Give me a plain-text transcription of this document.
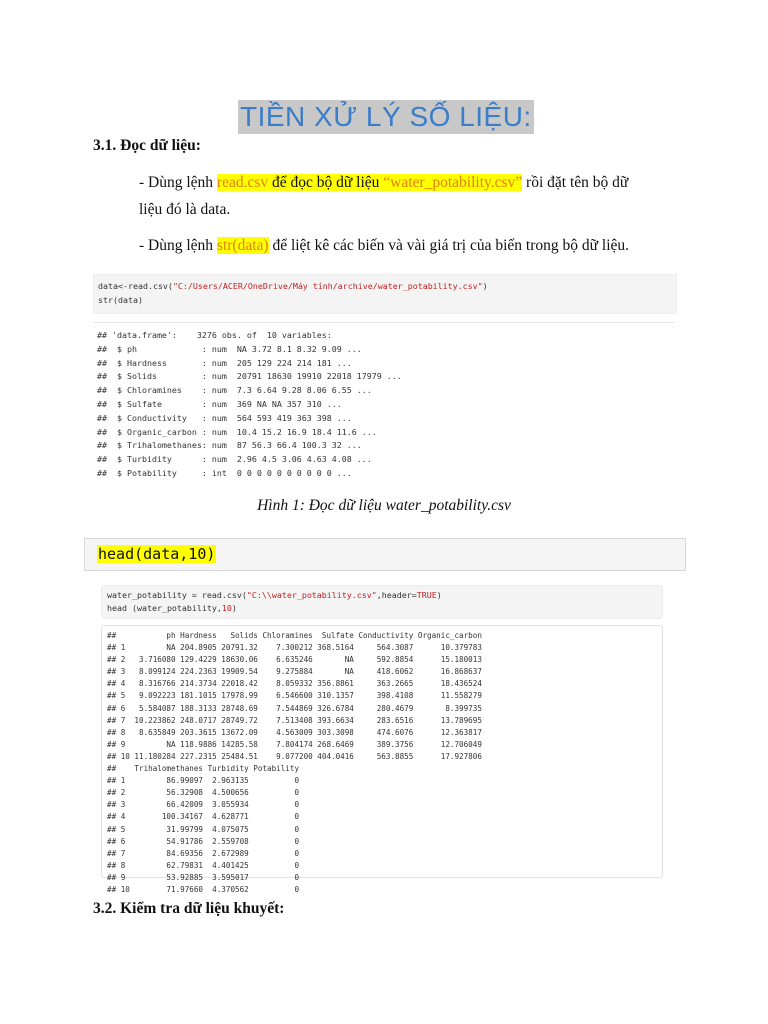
TIỀN XỬ LÝ SỐ LIỆU:
3.1. Đọc dữ liệu:
- Dùng lệnh read.csv để đọc bộ dữ liệu “water_potability.csv” rồi đặt tên bộ dữ
liệu đó là data.
- Dùng lệnh str(data) để liệt kê các biến và vài giá trị của biến trong bộ dữ liệu.

data<-read.csv("C:/Users/ACER/OneDrive/Máy tính/archive/water_potability.csv")
str(data)

## 'data.frame':    3276 obs. of  10 variables:
##  $ ph             : num  NA 3.72 8.1 8.32 9.09 ...
##  $ Hardness       : num  205 129 224 214 181 ...
##  $ Solids         : num  20791 18630 19910 22018 17979 ...
##  $ Chloramines    : num  7.3 6.64 9.28 8.06 6.55 ...
##  $ Sulfate        : num  369 NA NA 357 310 ...
##  $ Conductivity   : num  564 593 419 363 398 ...
##  $ Organic_carbon : num  10.4 15.2 16.9 18.4 11.6 ...
##  $ Trihalomethanes: num  87 56.3 66.4 100.3 32 ...
##  $ Turbidity      : num  2.96 4.5 3.06 4.63 4.08 ...
##  $ Potability     : int  0 0 0 0 0 0 0 0 0 0 ...

Hình 1: Đọc dữ liệu water_potability.csv
head(data,10)

water_potability = read.csv("C:\\water_potability.csv",header=TRUE)
head (water_potability,10)

##           ph Hardness   Solids Chloramines  Sulfate Conductivity Organic_carbon
## 1         NA 204.8905 20791.32    7.300212 368.5164     564.3087      10.379783
## 2   3.716080 129.4229 18630.06    6.635246       NA     592.8854      15.180013
## 3   8.099124 224.2363 19909.54    9.275884       NA     418.6062      16.868637
## 4   8.316766 214.3734 22018.42    8.059332 356.8861     363.2665      18.436524
## 5   9.092223 181.1015 17978.99    6.546600 310.1357     398.4108      11.558279
## 6   5.584087 188.3133 28748.69    7.544869 326.6784     280.4679       8.399735
## 7  10.223862 248.0717 28749.72    7.513408 393.6634     283.6516      13.789695
## 8   8.635849 203.3615 13672.09    4.563009 303.3098     474.6076      12.363817
## 9         NA 118.9886 14285.58    7.804174 268.6469     389.3756      12.706049
## 10 11.180284 227.2315 25484.51    9.077200 404.0416     563.8855      17.927806
##    Trihalomethanes Turbidity Potability
## 1         86.99097  2.963135          0
## 2         56.32908  4.500656          0
## 3         66.42009  3.055934          0
## 4        100.34167  4.628771          0
## 5         31.99799  4.075075          0
## 6         54.91786  2.559708          0
## 7         84.69356  2.672989          0
## 8         62.79831  4.401425          0
## 9         53.92885  3.595017          0
## 10        71.97660  4.370562          0

3.2. Kiểm tra dữ liệu khuyết:
